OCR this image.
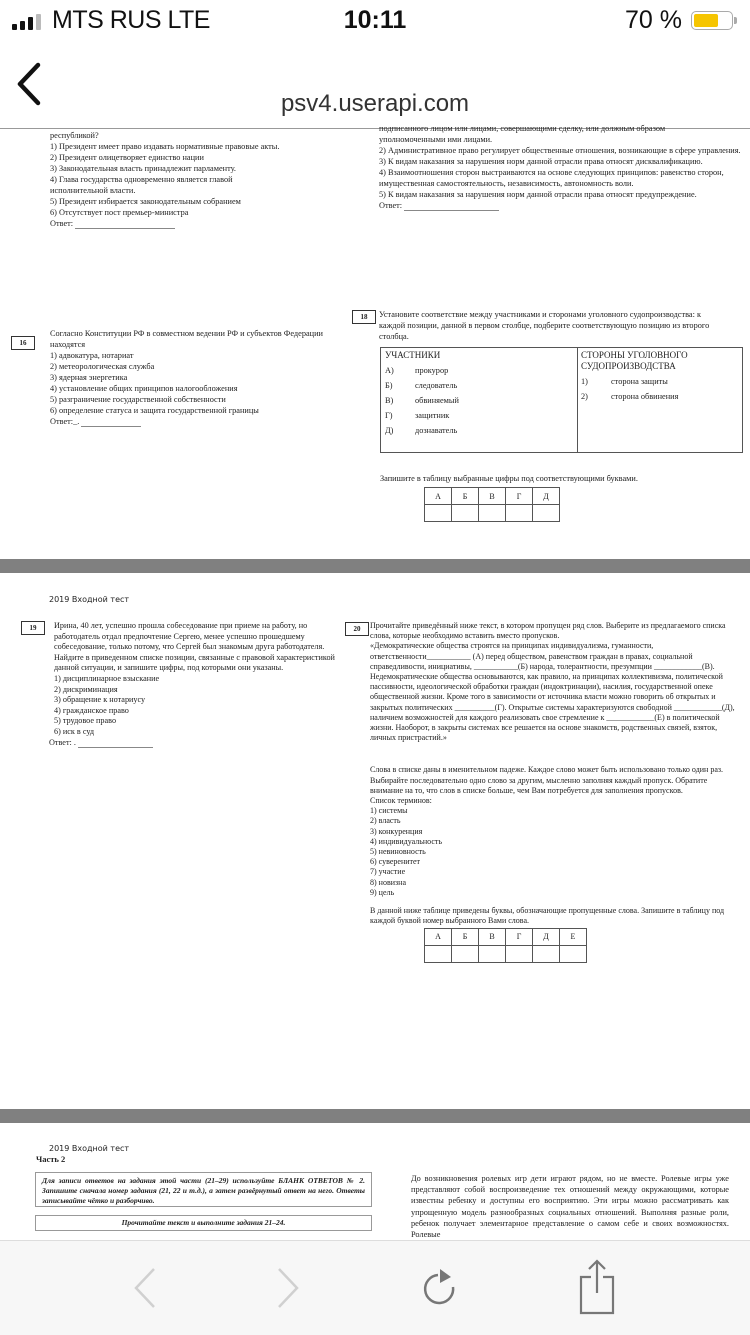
MTS RUS LTE	10:11	70 %
psv4.userapi.com

республикой?

1) Президент имеет право издавать нормативные правовые акты.

2) Президент олицетворяет единство нации

3) Законодательная власть принадлежит парламенту.

4) Глава государства одновременно является главой исполнительной власти.

5) Президент избирается законодательным собранием

6) Отсутствует пост премьер-министра

Ответ:

16

Согласно Конституции РФ в совместном ведении РФ и субъектов Федерации находятся

1) адвокатура, нотариат

2) метеорологическая служба

3) ядерная энергетика

4) установление общих принципов налогообложения

5) разграничение государственной собственности

6) определение статуса и защита государственной границы

Ответ:_.

подписанного лицом или лицами, совершающими сделку, или должным образом

уполномоченными ими лицами.

2) Административное право регулирует общественные отношения, возникающие в сфере управления.

3) К видам наказания за нарушения норм данной отрасли права относят дисквалификацию.

4) Взаимоотношения сторон выстраиваются на основе следующих принципов: равенство сторон, имущественная самостоятельность, независимость, автономность воли.

5) К видам наказания за нарушения норм данной отрасли права относят предупреждение.

Ответ:

18	Установите соответствие между участниками и сторонами уголовного судопроизводства: к каждой позиции, данной в первом столбце, подберите соответствующую позицию из второго столбца.
УЧАСТНИКИ
А)	прокурор
Б)	следователь
В)	обвиняемый
Г)	защитник
Д)	дознаватель
СТОРОНЫ УГОЛОВНОГО СУДОПРОИЗВОДСТВА
1)	сторона защиты
2)	сторона обвинения
Запишите в таблицу выбранные цифры под соответствующими буквами.
А	Б	В	Г	Д

2019 Входной тест
19	Ирина, 40 лет, успешно прошла собеседование при приеме на работу, но работодатель отдал предпочтение Сергею, менее успешно прошедшему собеседование, только потому, что Сергей был знакомым друга работодателя. Найдите в приведенном списке позиции, связанные с правовой характеристикой данной ситуации, и запишите цифры, под которыми они указаны.

1) дисциплинарное взыскание

2) дискриминация

3) обращение к нотариусу

4) гражданское право

5) трудовое право

6) иск в суд

Ответ: .

20	Прочитайте приведённый ниже текст, в котором пропущен ряд слов. Выберите из предлагаемого списка слова, которые необходимо вставить вместо пропусков.

«Демократические общества строятся на принципах индивидуализма, гуманности, ответственности___________ (А) перед обществом, равенством граждан в правах, социальной справедливости, инициативы, ___________(Б) народа, толерантности, презумпции ____________(В). Недемократические общества основываются, как правило, на принципах коллективизма, политической пассивности, идеологической обработки граждан (индоктринации), насилия, государственной опеке общественной жизни. Кроме того в зависимости от источника власти можно говорить об открытых и закрытых политических __________(Г). Открытые системы характеризуются свободной ____________(Д), наличием возможностей для каждого реализовать свое стремление к ____________(Е) в политической жизни. Наоборот, в закрыты системах все решается на основе знакомств, родственных связей, взяток, личных пристрастий.»

Слова в списке даны в именительном падеже. Каждое слово может быть использовано только один раз. Выбирайте последовательно одно слово за другим, мысленно заполняя каждый пропуск. Обратите внимание на то, что слов в списке больше, чем Вам потребуется для заполнения пропусков.

Список терминов:

1) системы

2) власть

3) конкуренция

4) индивидуальность

5) невиновность

6) суверенитет

7) участие

8) новизна

9) цель

В данной ниже таблице приведены буквы, обозначающие пропущенные слова. Запишите в таблицу под каждой буквой номер выбранного Вами слова.

А	Б	В	Г	Д	Е

2019 Входной тест
Часть 2
Для записи ответов на задания этой части (21–29) используйте БЛАНК ОТВЕТОВ № 2. Запишите сначала номер задания (21, 22 и т.д.), а затем развёрнутый ответ на него. Ответы записывайте чётко и разборчиво.
Прочитайте текст и выполните задания 21–24.
До возникновения ролевых игр дети играют рядом, но не вместе. Ролевые игры уже представляют собой воспроизведение тех отношений между окружающими, которые известны ребенку и доступны его восприятию. Эти игры можно рассматривать как упрощенную модель разнообразных социальных отношений. Выполняя разные роли, ребенок получает элементарное представление о самом себе и своих возможностях. Ролевые
